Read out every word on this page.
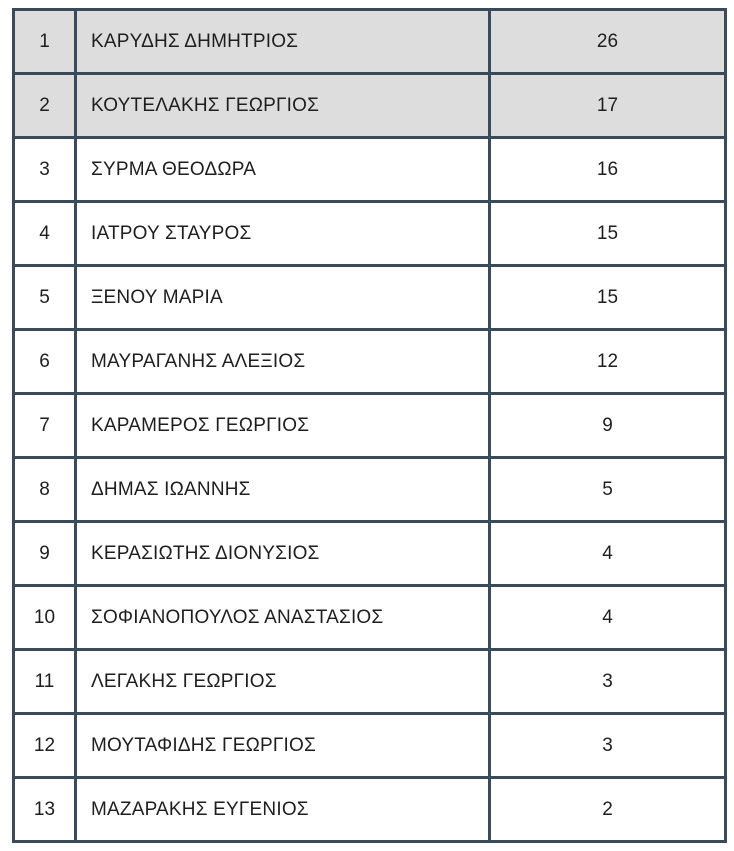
1	ΚΑΡΥΔΗΣ ΔΗΜΗΤΡΙΟΣ	26
2	ΚΟΥΤΕΛΑΚΗΣ ΓΕΩΡΓΙΟΣ	17
3	ΣΥΡΜΑ ΘΕΟΔΩΡΑ	16
4	ΙΑΤΡΟΥ ΣΤΑΥΡΟΣ	15
5	ΞΕΝΟΥ ΜΑΡΙΑ	15
6	ΜΑΥΡΑΓΑΝΗΣ ΑΛΕΞΙΟΣ	12
7	ΚΑΡΑΜΕΡΟΣ ΓΕΩΡΓΙΟΣ	9
8	ΔΗΜΑΣ ΙΩΑΝΝΗΣ	5
9	ΚΕΡΑΣΙΩΤΗΣ ΔΙΟΝΥΣΙΟΣ	4
10	ΣΟΦΙΑΝΟΠΟΥΛΟΣ ΑΝΑΣΤΑΣΙΟΣ	4
11	ΛΕΓΑΚΗΣ ΓΕΩΡΓΙΟΣ	3
12	ΜΟΥΤΑΦΙΔΗΣ ΓΕΩΡΓΙΟΣ	3
13	ΜΑΖΑΡΑΚΗΣ ΕΥΓΕΝΙΟΣ	2
